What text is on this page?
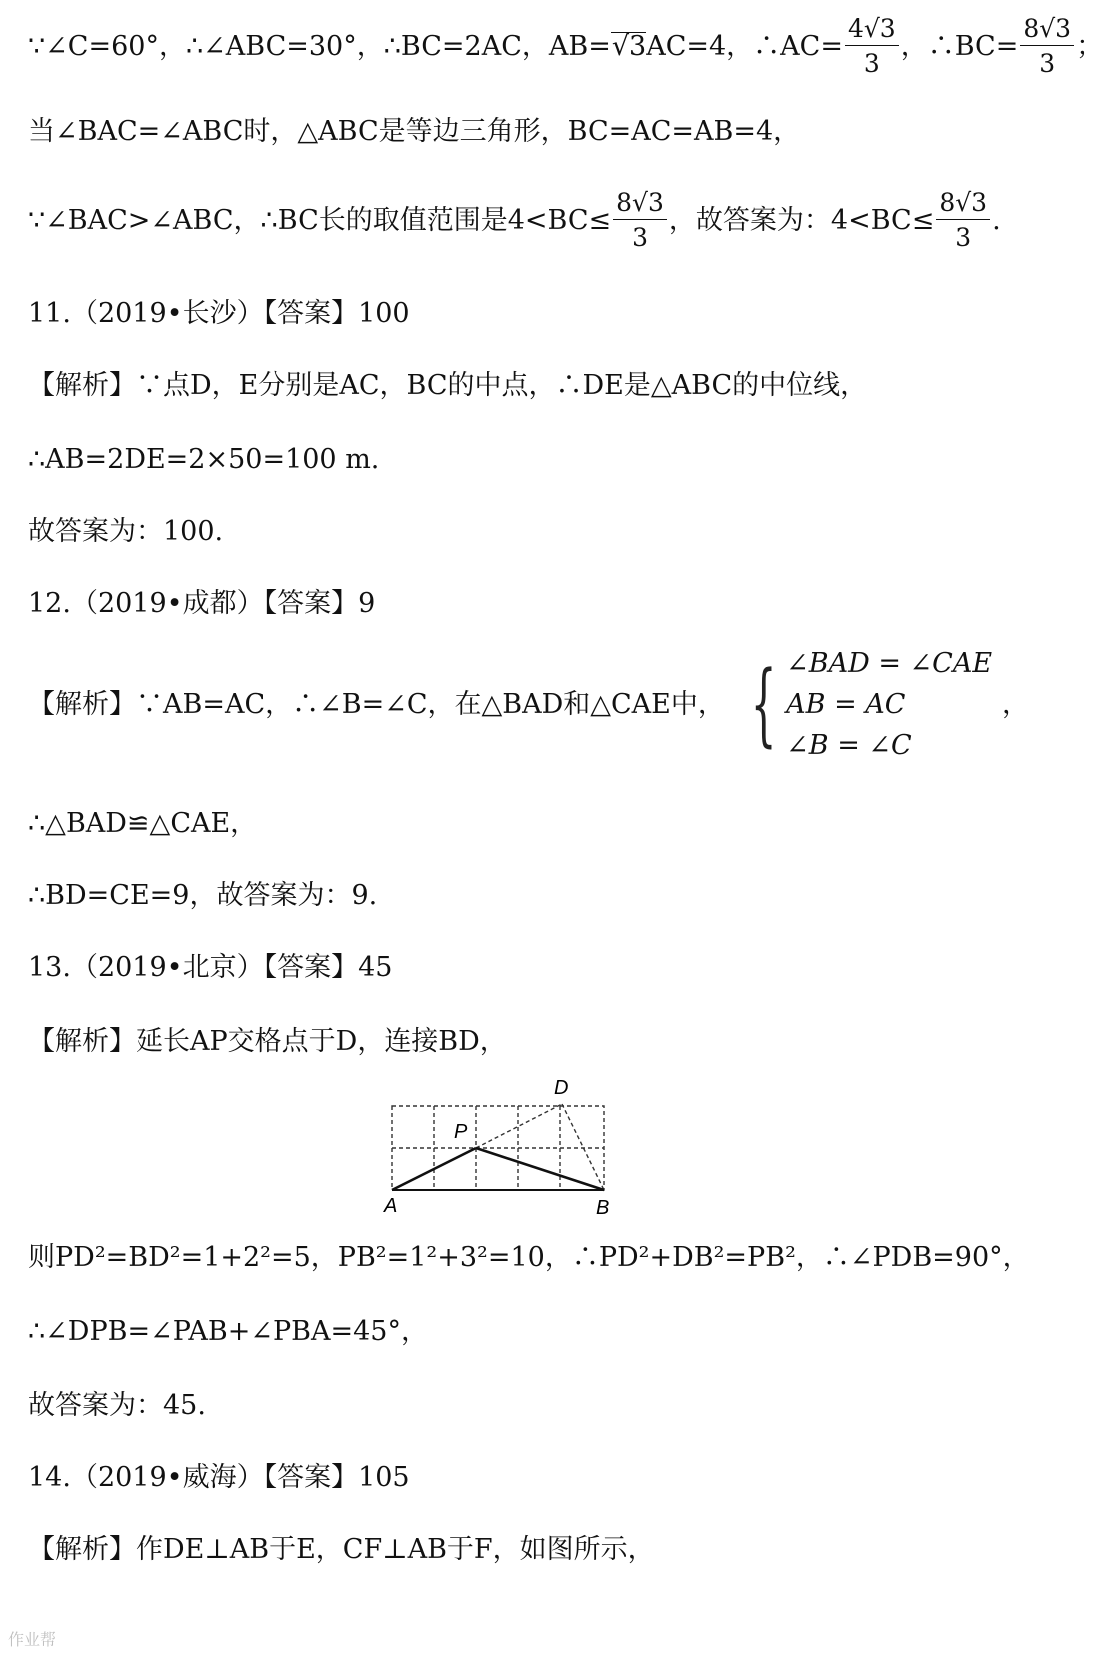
∵∠C=60°，∴∠ABC=30°，∴BC=2AC，AB= √3 AC=4，∴AC= $\frac{4√3}{3}$ ，∴BC= $\frac{8√3}{3}$ ；
当∠BAC=∠ABC时，△ABC是等边三角形，BC=AC=AB=4，
∵∠BAC>∠ABC，∴BC长的取值范围是$4<BC\le \frac{8√3}{3}$ ，故答案为：$4<BC\le \frac{8√3}{3}$ .
11.（2019•长沙）【答案】100
【解析】∵点D，E分别是AC，BC的中点，∴DE是△ABC的中位线，
∴AB=2DE=2×50=100 m.
故答案为：100.
12.（2019•成都）【答案】9
【解析】∵AB=AC，∴∠B=∠C，在△BAD和△CAE中， { ∠BAD = ∠CAE
AB = AC
∠B = ∠C
，
∴△BAD≌△CAE，
∴BD=CE=9，故答案为：9.
13.（2019•北京）【答案】45
【解析】延长AP交格点于D，连接BD，
A	B
P
D
则PD²=BD²=1+2²=5，PB²=1²+3²=10，∴PD²+DB²=PB²，∴∠PDB=90°，
∴∠DPB=∠PAB+∠PBA=45°，
故答案为：45.
14.（2019•威海）【答案】105
【解析】作DE⊥AB于E，CF⊥AB于F，如图所示，
作业帮
